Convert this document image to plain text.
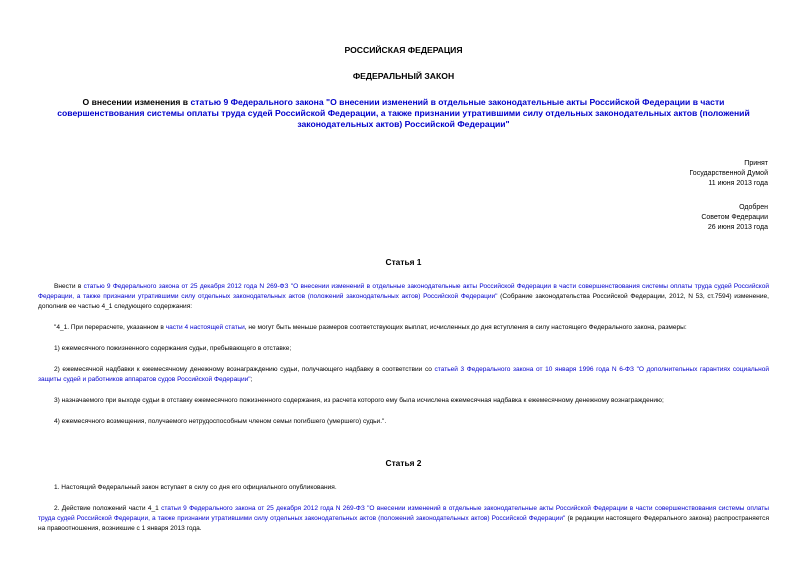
РОССИЙСКАЯ ФЕДЕРАЦИЯ
ФЕДЕРАЛЬНЫЙ ЗАКОН
О внесении изменения в статью 9 Федерального закона "О внесении изменений в отдельные законодательные акты Российской Федерации в части совершенствования системы оплаты труда судей Российской Федерации, а также признании утратившими силу отдельных законодательных актов (положений законодательных актов) Российской Федерации"
Принят
Государственной Думой
11 июня 2013 года
Одобрен
Советом Федерации
26 июня 2013 года
Статья 1

Внести в статью 9 Федерального закона от 25 декабря 2012 года N 269-ФЗ "О внесении изменений в отдельные законодательные акты Российской Федерации в части совершенствования системы оплаты труда судей Российской Федерации, а также признании утратившими силу отдельных законодательных актов (положений законодательных актов) Российской Федерации" (Собрание законодательства Российской Федерации, 2012, N 53, ст.7594) изменение, дополнив ее частью 4_1 следующего содержания:

"4_1. При перерасчете, указанном в части 4 настоящей статьи, не могут быть меньше размеров соответствующих выплат, исчисленных до дня вступления в силу настоящего Федерального закона, размеры:

1) ежемесячного пожизненного содержания судьи, пребывающего в отставке;

2) ежемесячной надбавки к ежемесячному денежному вознаграждению судьи, получающего надбавку в соответствии со статьей 3 Федерального закона от 10 января 1996 года N 6-ФЗ "О дополнительных гарантиях социальной защиты судей и работников аппаратов судов Российской Федерации";

3) назначаемого при выходе судьи в отставку ежемесячного пожизненного содержания, из расчета которого ему была исчислена ежемесячная надбавка к ежемесячному денежному вознаграждению;

4) ежемесячного возмещения, получаемого нетрудоспособным членом семьи погибшего (умершего) судьи.".

Статья 2

1. Настоящий Федеральный закон вступает в силу со дня его официального опубликования.

2. Действие положений части 4_1 статьи 9 Федерального закона от 25 декабря 2012 года N 269-ФЗ "О внесении изменений в отдельные законодательные акты Российской Федерации в части совершенствования системы оплаты труда судей Российской Федерации, а также признании утратившими силу отдельных законодательных актов (положений законодательных актов) Российской Федерации" (в редакции настоящего Федерального закона) распространяется на правоотношения, возникшие с 1 января 2013 года.
